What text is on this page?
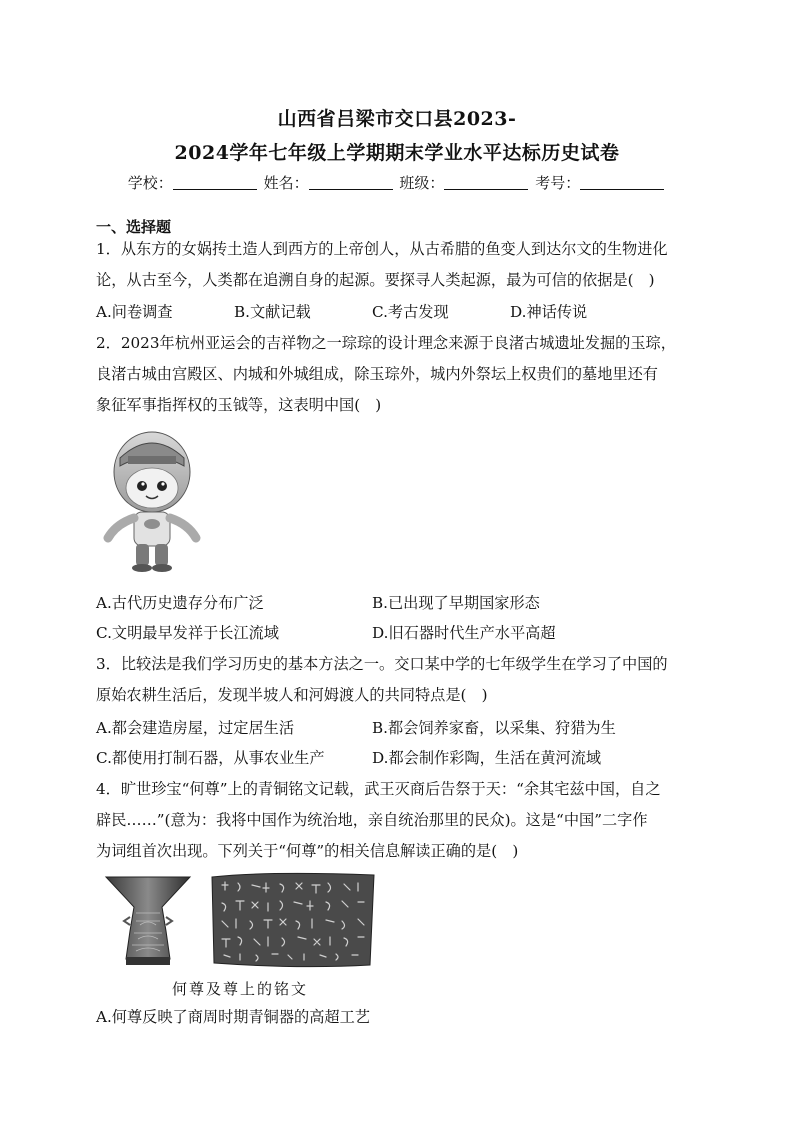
山西省吕梁市交口县2023-
2024学年七年级上学期期末学业水平达标历史试卷
学校：	姓名：	班级：	考号：
一、选择题
1．从东方的女娲抟土造人到西方的上帝创人，从古希腊的鱼变人到达尔文的生物进化
论，从古至今，人类都在追溯自身的起源。要探寻人类起源，最为可信的依据是(　)
A.问卷调查	B.文献记载	C.考古发现	D.神话传说
2．2023年杭州亚运会的吉祥物之一琮琮的设计理念来源于良渚古城遗址发掘的玉琮，
良渚古城由宫殿区、内城和外城组成，除玉琮外，城内外祭坛上权贵们的墓地里还有
象征军事指挥权的玉钺等，这表明中国(　)
A.古代历史遗存分布广泛	B.已出现了早期国家形态
C.文明最早发祥于长江流域	D.旧石器时代生产水平高超
3．比较法是我们学习历史的基本方法之一。交口某中学的七年级学生在学习了中国的
原始农耕生活后，发现半坡人和河姆渡人的共同特点是(　)
A.都会建造房屋，过定居生活	B.都会饲养家畜，以采集、狩猎为生
C.都使用打制石器，从事农业生产	D.都会制作彩陶，生活在黄河流域
4．旷世珍宝“何尊”上的青铜铭文记载，武王灭商后告祭于天：“余其宅兹中国，自之
辟民……”(意为：我将中国作为统治地，亲自统治那里的民众)。这是“中国”二字作
为词组首次出现。下列关于“何尊”的相关信息解读正确的是(　)
何尊及尊上的铭文
A.何尊反映了商周时期青铜器的高超工艺
